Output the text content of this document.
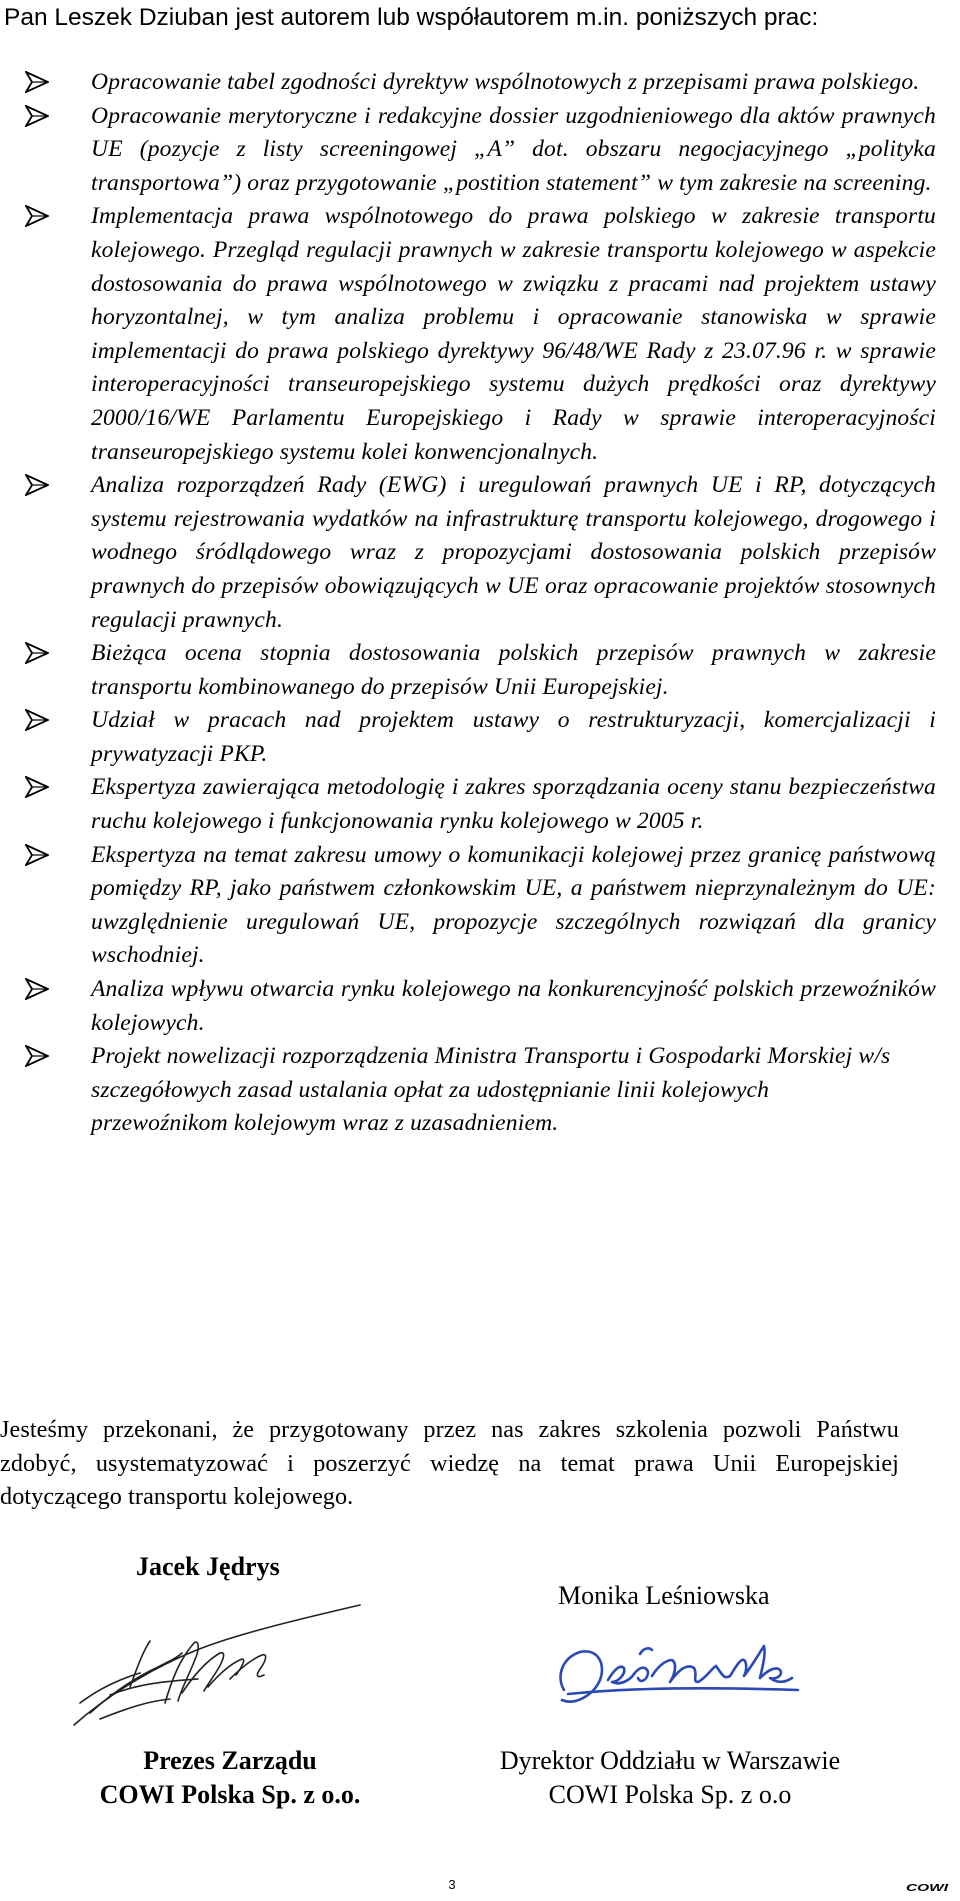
Pan Leszek Dziuban jest autorem lub współautorem m.in. poniższych prac:
Opracowanie tabel zgodności dyrektyw wspólnotowych z przepisami prawa polskiego.
Opracowanie merytoryczne i redakcyjne dossier uzgodnieniowego dla aktów prawnych UE (pozycje z listy screeningowej „A” dot. obszaru negocjacyjnego „polityka transportowa”) oraz przygotowanie „postition statement” w tym zakresie na screening.
Implementacja prawa wspólnotowego do prawa polskiego w zakresie transportu kolejowego. Przegląd regulacji prawnych w zakresie transportu kolejowego w aspekcie dostosowania do prawa wspólnotowego w związku z pracami nad projektem ustawy horyzontalnej, w tym analiza problemu i opracowanie stanowiska w sprawie implementacji do prawa polskiego dyrektywy 96/48/WE Rady z 23.07.96 r. w sprawie interoperacyjności transeuropejskiego systemu dużych prędkości oraz dyrektywy 2000/16/WE Parlamentu Europejskiego i Rady w sprawie interoperacyjności transeuropejskiego systemu kolei konwencjonalnych.
Analiza rozporządzeń Rady (EWG) i uregulowań prawnych UE i RP, dotyczących systemu rejestrowania wydatków na infrastrukturę transportu kolejowego, drogowego i wodnego śródlądowego wraz z propozycjami dostosowania polskich przepisów prawnych do przepisów obowiązujących w UE oraz opracowanie projektów stosownych regulacji prawnych.
Bieżąca ocena stopnia dostosowania polskich przepisów prawnych w zakresie transportu kombinowanego do przepisów Unii Europejskiej.
Udział w pracach nad projektem ustawy o restrukturyzacji, komercjalizacji i prywatyzacji PKP.
Ekspertyza zawierająca metodologię i zakres sporządzania oceny stanu bezpieczeństwa ruchu kolejowego i funkcjonowania rynku kolejowego w 2005 r.
Ekspertyza na temat zakresu umowy o komunikacji kolejowej przez granicę państwową pomiędzy RP, jako państwem członkowskim UE, a państwem nieprzynależnym do UE: uwzględnienie uregulowań UE, propozycje szczególnych rozwiązań dla granicy wschodniej.
Analiza wpływu otwarcia rynku kolejowego na konkurencyjność polskich przewoźników kolejowych.
Projekt nowelizacji rozporządzenia Ministra Transportu i Gospodarki Morskiej w/s szczegółowych zasad ustalania opłat za udostępnianie linii kolejowych przewoźnikom kolejowym wraz z uzasadnieniem.
Jesteśmy przekonani, że przygotowany przez nas zakres szkolenia pozwoli Państwu zdobyć, usystematyzować i poszerzyć wiedzę na temat prawa Unii Europejskiej dotyczącego transportu kolejowego.
Jacek Jędrys
Prezes Zarządu
COWI Polska Sp. z o.o.
Monika Leśniowska
Dyrektor Oddziału w Warszawie
COWI Polska Sp. z o.o
3	COWI
